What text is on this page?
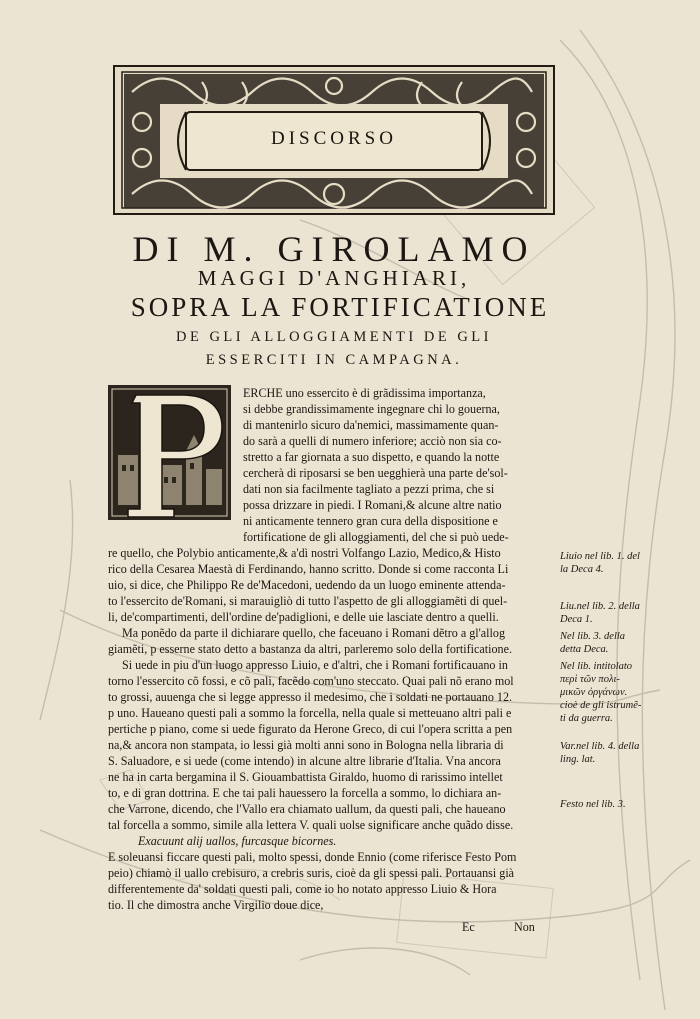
DISCORSO
DI M. GIROLAMO
MAGGI D'ANGHIARI,
SOPRA LA FORTIFICATIONE
DE GLI ALLOGGIAMENTI DE GLI
ESSERCITI IN CAMPAGNA.
ERCHE uno essercito è di grãdissima importanza,
si debbe grandissimamente ingegnare chi lo gouerna,
di mantenirlo sicuro da'nemici, massimamente quan-
do sarà a quelli di numero inferiore; acciò non sia co-
stretto a far giornata a suo dispetto, e quando la notte
cercherà di riposarsi se ben uegghierà una parte de'sol-
dati non sia facilmente tagliato a pezzi prima, che si
possa drizzare in piedi. I Romani,& alcune altre natio
ni anticamente tennero gran cura della dispositione e
fortificatione de gli alloggiamenti, del che si può uede-
re quello, che Polybio anticamente,& a'dì nostri Volfango Lazio, Medico,& Histo
rico della Cesarea Maestà di Ferdinando, hanno scritto. Donde si come racconta Li
uio, si dice, che Philippo Re de'Macedoni, uedendo da un luogo eminente attenda-
to l'essercito de'Romani, si marauigliò di tutto l'aspetto de gli alloggiamẽti di quel-
li, de'compartimenti, dell'ordine de'padiglioni, e delle uie lasciate dentro a quelli.
Ma ponẽdo da parte il dichiarare quello, che faceuano i Romani dẽtro a gl'allog
giamẽti, p esserne stato detto a bastanza da altri, parleremo solo della fortificatione.
Si uede in piu d'un luogo appresso Liuio, e d'altri, che i Romani fortificauano in
torno l'essercito cõ fossi, e cõ pali, facẽdo com'uno steccato. Quai pali nõ erano mol
to grossi, auuenga che si legge appresso il medesimo, che i soldati ne portauano 12.
p uno. Haueano questi pali a sommo la forcella, nella quale si metteuano altri pali e
pertiche p piano, come si uede figurato da Herone Greco, di cui l'opera scritta a pen
na,& ancora non stampata, io lessi già molti anni sono in Bologna nella libraria di
S. Saluadore, e si uede (come intendo) in alcune altre librarie d'Italia. Vna ancora
ne ha in carta bergamina il S. Giouambattista Giraldo, huomo di rarissimo intellet
to, e di gran dottrina. E che tai pali hauessero la forcella a sommo, lo dichiara an-
che Varrone, dicendo, che l'Vallo era chiamato uallum, da questi pali, che haueano
tal forcella a sommo, simile alla lettera V. quali uolse significare anche quãdo disse.
Exacuunt alij uallos, furcasque bicornes.
E soleuansi ficcare questi pali, molto spessi, donde Ennio (come riferisce Festo Pom
peio) chiamò il uallo crebisuro, a crebris suris, cioè da gli spessi pali. Portauansi già
differentemente da' soldati questi pali, come io ho notato appresso Liuio & Hora
tio. Il che dimostra anche Virgilio doue dice,
Ec	Non
Liuio nel lib. 1. del
la Deca 4.
Liu.nel lib. 2. della
Deca 1.
Nel lib. 3. della
detta Deca.
Nel lib. intitolato
περὶ τῶν πολι-
μικῶν ὀργάνων.
cioè de gli istrumẽ-
ti da guerra.
Var.nel lib. 4. della
ling. lat.
Festo nel lib. 3.
